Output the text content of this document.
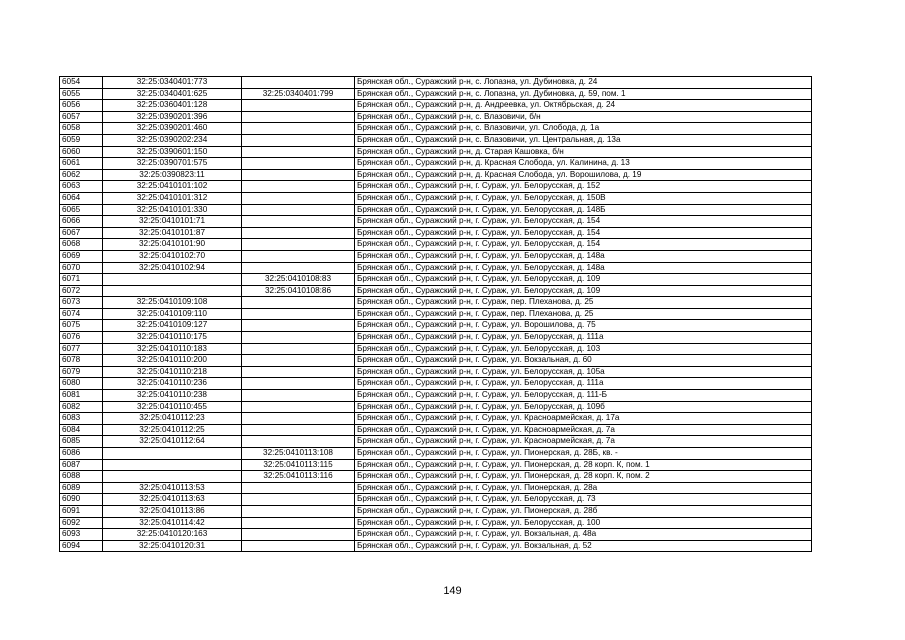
6054	32:25:0340401:773		Брянская обл., Суражский р-н, с. Лопазна, ул. Дубиновка, д. 24
6055	32:25:0340401:625	32:25:0340401:799	Брянская обл., Суражский р-н, с. Лопазна, ул. Дубиновка, д. 59, пом. 1
6056	32:25:0360401:128		Брянская обл., Суражский р-н, д. Андреевка, ул. Октябрьская, д. 24
6057	32:25:0390201:396		Брянская обл., Суражский р-н, с. Влазовичи, б/н
6058	32:25:0390201:460		Брянская обл., Суражский р-н, с. Влазовичи, ул. Слобода, д. 1а
6059	32:25:0390202:234		Брянская обл., Суражский р-н, с. Влазовичи, ул. Центральная, д. 13а
6060	32:25:0390601:150		Брянская обл., Суражский р-н, д. Старая Кашовка, б/н
6061	32:25:0390701:575		Брянская обл., Суражский р-н, д. Красная Слобода, ул. Калинина, д. 13
6062	32:25:0390823:11		Брянская обл., Суражский р-н, д. Красная Слобода, ул. Ворошилова, д. 19
6063	32:25:0410101:102		Брянская обл., Суражский р-н, г. Сураж, ул. Белорусская, д. 152
6064	32:25:0410101:312		Брянская обл., Суражский р-н, г. Сураж, ул. Белорусская, д. 150В
6065	32:25:0410101:330		Брянская обл., Суражский р-н, г. Сураж, ул. Белорусская, д. 148Б
6066	32:25:0410101:71		Брянская обл., Суражский р-н, г. Сураж, ул. Белорусская, д. 154
6067	32:25:0410101:87		Брянская обл., Суражский р-н, г. Сураж, ул. Белорусская, д. 154
6068	32:25:0410101:90		Брянская обл., Суражский р-н, г. Сураж, ул. Белорусская, д. 154
6069	32:25:0410102:70		Брянская обл., Суражский р-н, г. Сураж, ул. Белорусская, д. 148а
6070	32:25:0410102:94		Брянская обл., Суражский р-н, г. Сураж, ул. Белорусская, д. 148а
6071		32:25:0410108:83	Брянская обл., Суражский р-н, г. Сураж, ул. Белорусская, д. 109
6072		32:25:0410108:86	Брянская обл., Суражский р-н, г. Сураж, ул. Белорусская, д. 109
6073	32:25:0410109:108		Брянская обл., Суражский р-н, г. Сураж, пер. Плеханова, д. 25
6074	32:25:0410109:110		Брянская обл., Суражский р-н, г. Сураж, пер. Плеханова, д. 25
6075	32:25:0410109:127		Брянская обл., Суражский р-н, г. Сураж, ул. Ворошилова, д. 75
6076	32:25:0410110:175		Брянская обл., Суражский р-н, г. Сураж, ул. Белорусская, д. 111а
6077	32:25:0410110:183		Брянская обл., Суражский р-н, г. Сураж, ул. Белорусская, д. 103
6078	32:25:0410110:200		Брянская обл., Суражский р-н, г. Сураж, ул. Вокзальная, д. 60
6079	32:25:0410110:218		Брянская обл., Суражский р-н, г. Сураж, ул. Белорусская, д. 105а
6080	32:25:0410110:236		Брянская обл., Суражский р-н, г. Сураж, ул. Белорусская, д. 111а
6081	32:25:0410110:238		Брянская обл., Суражский р-н, г. Сураж, ул. Белорусская, д. 111-Б
6082	32:25:0410110:455		Брянская обл., Суражский р-н, г. Сураж, ул. Белорусская, д. 109б
6083	32:25:0410112:23		Брянская обл., Суражский р-н, г. Сураж, ул. Красноармейская, д. 17а
6084	32:25:0410112:25		Брянская обл., Суражский р-н, г. Сураж, ул. Красноармейская, д. 7а
6085	32:25:0410112:64		Брянская обл., Суражский р-н, г. Сураж, ул. Красноармейская, д. 7а
6086		32:25:0410113:108	Брянская обл., Суражский р-н, г. Сураж, ул. Пионерская, д. 28Б, кв. -
6087		32:25:0410113:115	Брянская обл., Суражский р-н, г. Сураж, ул. Пионерская, д. 28 корп. К, пом. 1
6088		32:25:0410113:116	Брянская обл., Суражский р-н, г. Сураж, ул. Пионерская, д. 28 корп. К, пом. 2
6089	32:25:0410113:53		Брянская обл., Суражский р-н, г. Сураж, ул. Пионерская, д. 28а
6090	32:25:0410113:63		Брянская обл., Суражский р-н, г. Сураж, ул. Белорусская, д. 73
6091	32:25:0410113:86		Брянская обл., Суражский р-н, г. Сураж, ул. Пионерская, д. 28б
6092	32:25:0410114:42		Брянская обл., Суражский р-н, г. Сураж, ул. Белорусская, д. 100
6093	32:25:0410120:163		Брянская обл., Суражский р-н, г. Сураж, ул. Вокзальная, д. 48а
6094	32:25:0410120:31		Брянская обл., Суражский р-н, г. Сураж, ул. Вокзальная, д. 52
149
